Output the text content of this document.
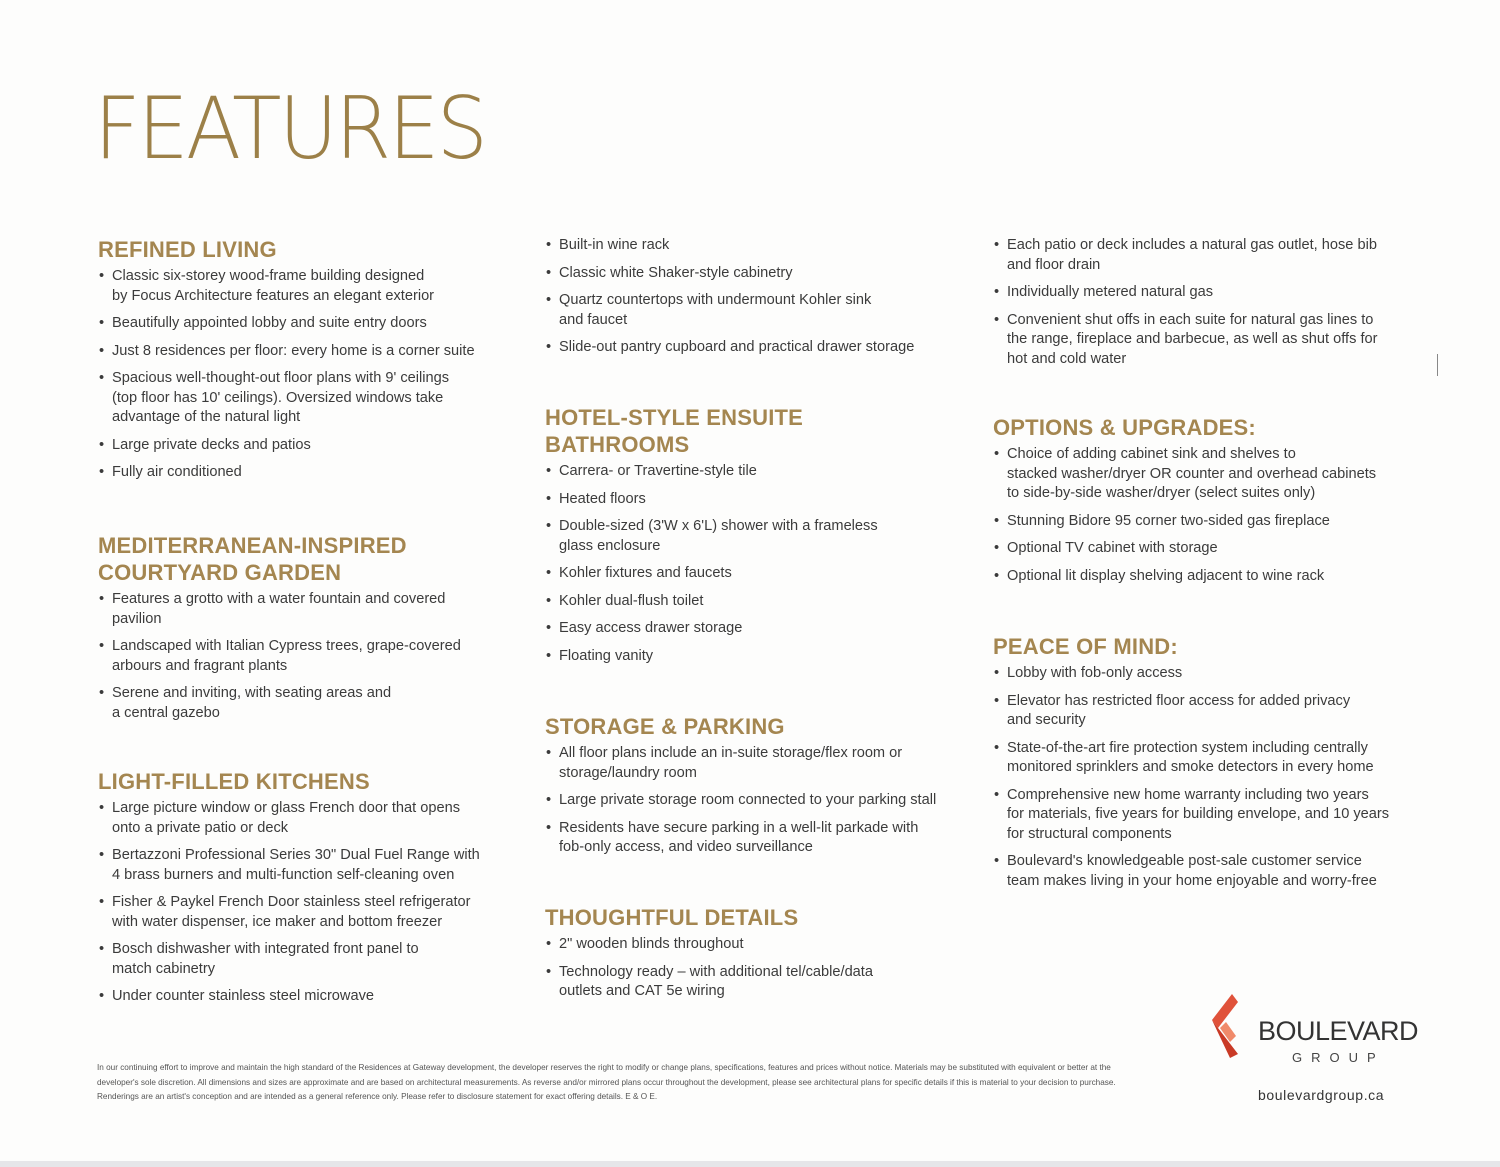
FEATURES
REFINED LIVING
• Classic six-storey wood-frame building designed
by Focus Architecture features an elegant exterior
• Beautifully appointed lobby and suite entry doors
• Just 8 residences per floor: every home is a corner suite
• Spacious well-thought-out floor plans with 9' ceilings
(top floor has 10' ceilings). Oversized windows take
advantage of the natural light
• Large private decks and patios
• Fully air conditioned
MEDITERRANEAN-INSPIRED
COURTYARD GARDEN
• Features a grotto with a water fountain and covered
pavilion
• Landscaped with Italian Cypress trees, grape-covered
arbours and fragrant plants
• Serene and inviting, with seating areas and
a central gazebo
LIGHT-FILLED KITCHENS
• Large picture window or glass French door that opens
onto a private patio or deck
• Bertazzoni Professional Series 30" Dual Fuel Range with
4 brass burners and multi-function self-cleaning oven
• Fisher & Paykel French Door stainless steel refrigerator
with water dispenser, ice maker and bottom freezer
• Bosch dishwasher with integrated front panel to
match cabinetry
• Under counter stainless steel microwave
• Built-in wine rack
• Classic white Shaker-style cabinetry
• Quartz countertops with undermount Kohler sink
and faucet
• Slide-out pantry cupboard and practical drawer storage
HOTEL-STYLE ENSUITE
BATHROOMS
• Carrera- or Travertine-style tile
• Heated floors
• Double-sized (3'W x 6'L) shower with a frameless
glass enclosure
• Kohler fixtures and faucets
• Kohler dual-flush toilet
• Easy access drawer storage
• Floating vanity
STORAGE & PARKING
• All floor plans include an in-suite storage/flex room or
storage/laundry room
• Large private storage room connected to your parking stall
• Residents have secure parking in a well-lit parkade with
fob-only access, and video surveillance
THOUGHTFUL DETAILS
• 2" wooden blinds throughout
• Technology ready – with additional tel/cable/data
outlets and CAT 5e wiring
• Each patio or deck includes a natural gas outlet, hose bib
and floor drain
• Individually metered natural gas
• Convenient shut offs in each suite for natural gas lines to
the range, fireplace and barbecue, as well as shut offs for
hot and cold water
OPTIONS & UPGRADES:
• Choice of adding cabinet sink and shelves to
stacked washer/dryer OR counter and overhead cabinets
to side-by-side washer/dryer (select suites only)
• Stunning Bidore 95 corner two-sided gas fireplace
• Optional TV cabinet with storage
• Optional lit display shelving adjacent to wine rack
PEACE OF MIND:
• Lobby with fob-only access
• Elevator has restricted floor access for added privacy
and security
• State-of-the-art fire protection system including centrally
monitored sprinklers and smoke detectors in every home
• Comprehensive new home warranty including two years
for materials, five years for building envelope, and 10 years
for structural components
• Boulevard's knowledgeable post-sale customer service
team makes living in your home enjoyable and worry-free
BOULEVARD
GROUP
boulevardgroup.ca
In our continuing effort to improve and maintain the high standard of the Residences at Gateway development, the developer reserves the right to modify or change plans, specifications, features and prices without notice. Materials may be substituted with equivalent or better at the developer's sole discretion. All dimensions and sizes are approximate and are based on architectural measurements. As reverse and/or mirrored plans occur throughout the development, please see architectural plans for specific details if this is material to your decision to purchase. Renderings are an artist's conception and are intended as a general reference only. Please refer to disclosure statement for exact offering details. E & O E.
